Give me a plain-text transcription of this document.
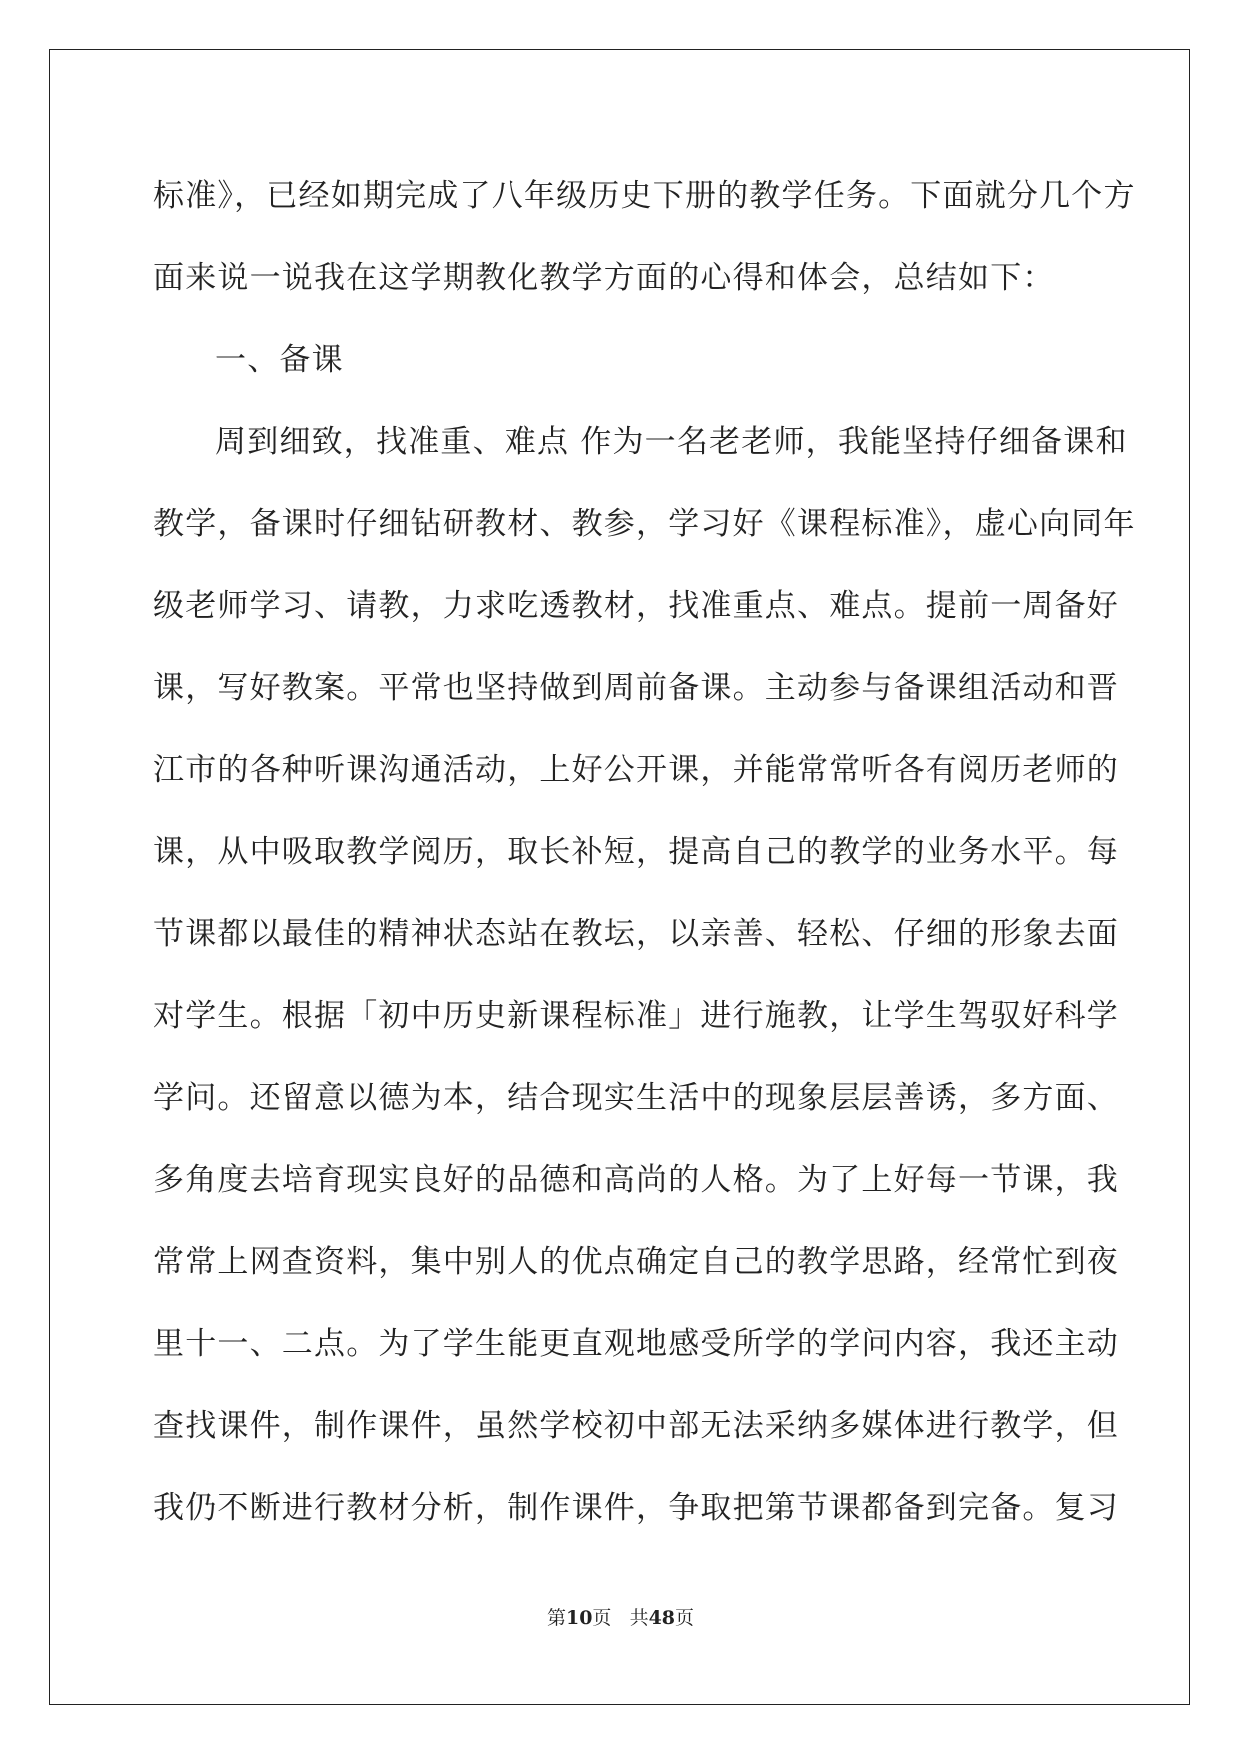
标准》，已经如期完成了八年级历史下册的教学任务。下面就分几个方
面来说一说我在这学期教化教学方面的心得和体会，总结如下：
一、备课
周到细致，找准重、难点 作为一名老老师，我能坚持仔细备课和
教学，备课时仔细钻研教材、教参，学习好《课程标准》，虚心向同年
级老师学习、请教，力求吃透教材，找准重点、难点。提前一周备好
课，写好教案。平常也坚持做到周前备课。主动参与备课组活动和晋
江市的各种听课沟通活动，上好公开课，并能常常听各有阅历老师的
课，从中吸取教学阅历，取长补短，提高自己的教学的业务水平。每
节课都以最佳的精神状态站在教坛，以亲善、轻松、仔细的形象去面
对学生。根据「初中历史新课程标准」进行施教，让学生驾驭好科学
学问。还留意以德为本，结合现实生活中的现象层层善诱，多方面、
多角度去培育现实良好的品德和高尚的人格。为了上好每一节课，我
常常上网查资料，集中别人的优点确定自己的教学思路，经常忙到夜
里十一、二点。为了学生能更直观地感受所学的学问内容，我还主动
查找课件，制作课件，虽然学校初中部无法采纳多媒体进行教学，但
我仍不断进行教材分析，制作课件，争取把第节课都备到完备。复习
第10页 共48页
